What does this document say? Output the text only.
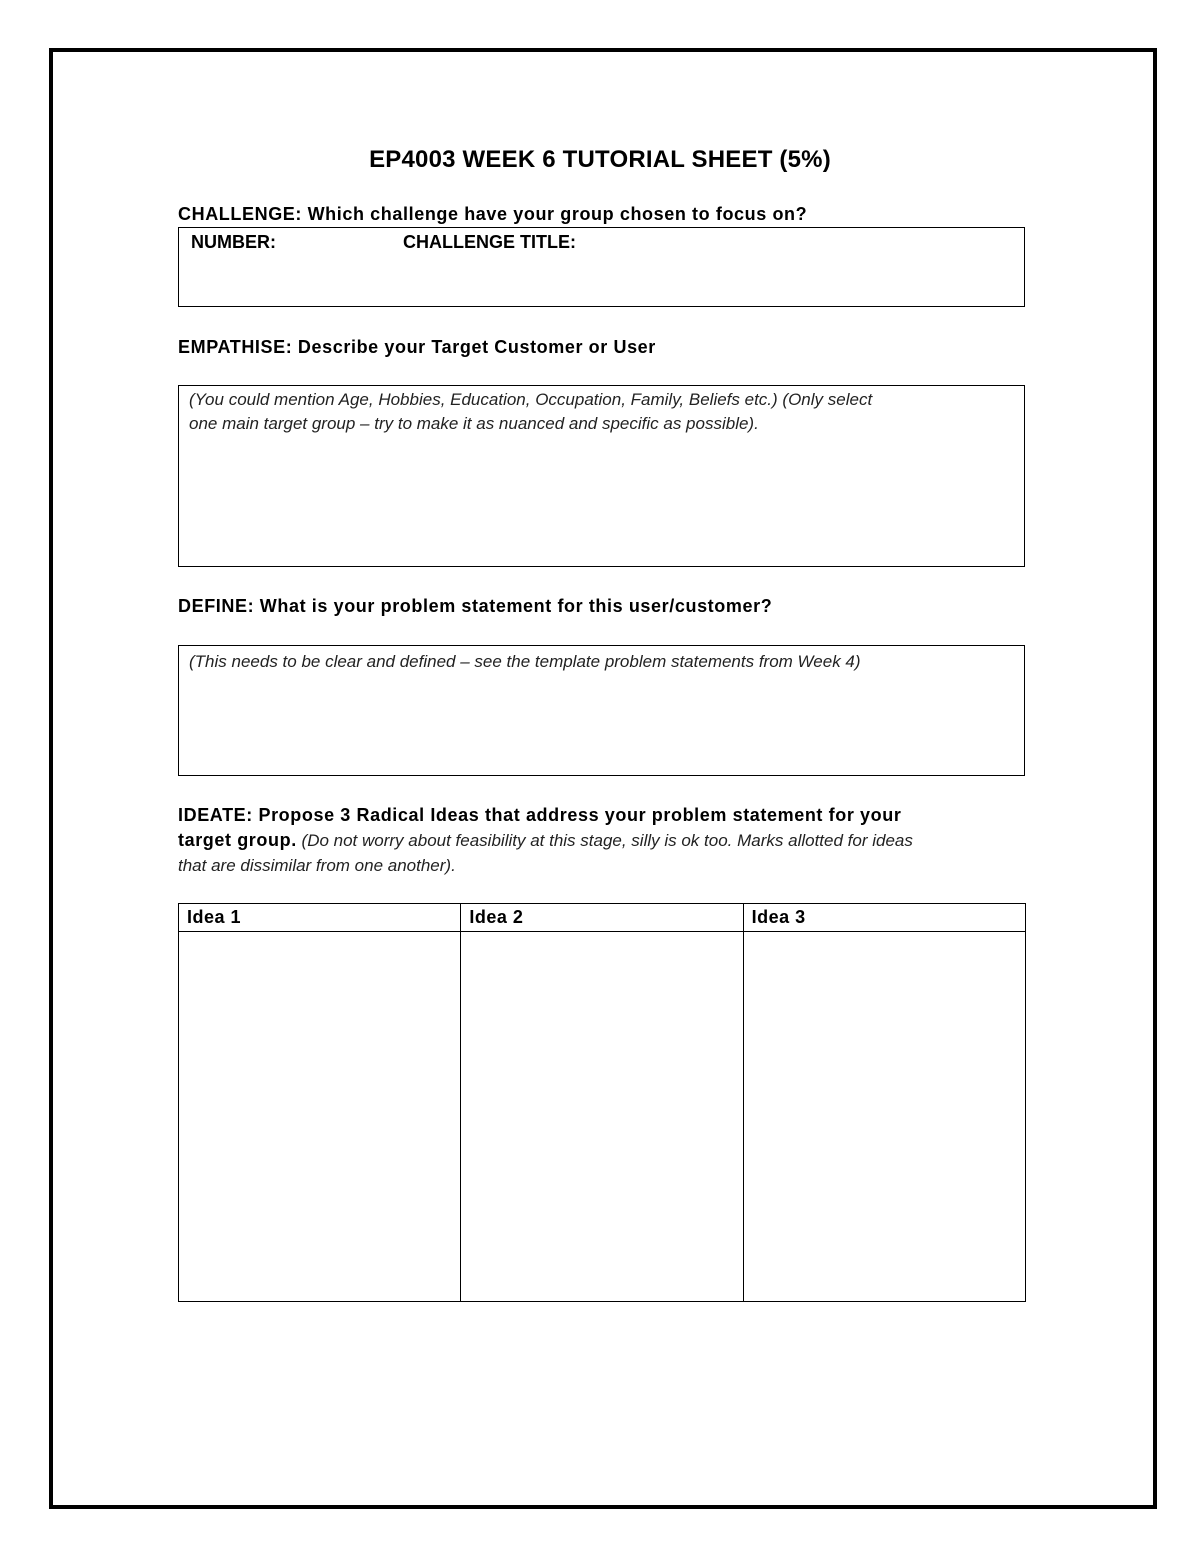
EP4003 WEEK 6 TUTORIAL SHEET (5%)
CHALLENGE: Which challenge have your group chosen to focus on?
NUMBER:	CHALLENGE TITLE:
EMPATHISE: Describe your Target Customer or User
(You could mention Age, Hobbies, Education, Occupation, Family, Beliefs etc.) (Only select
one main target group – try to make it as nuanced and specific as possible).
DEFINE: What is your problem statement for this user/customer?
(This needs to be clear and defined – see the template problem statements from Week 4)
IDEATE: Propose 3 Radical Ideas that address your problem statement for your
target group. (Do not worry about feasibility at this stage, silly is ok too. Marks allotted for ideas
that are dissimilar from one another).
Idea 1	Idea 2	Idea 3
